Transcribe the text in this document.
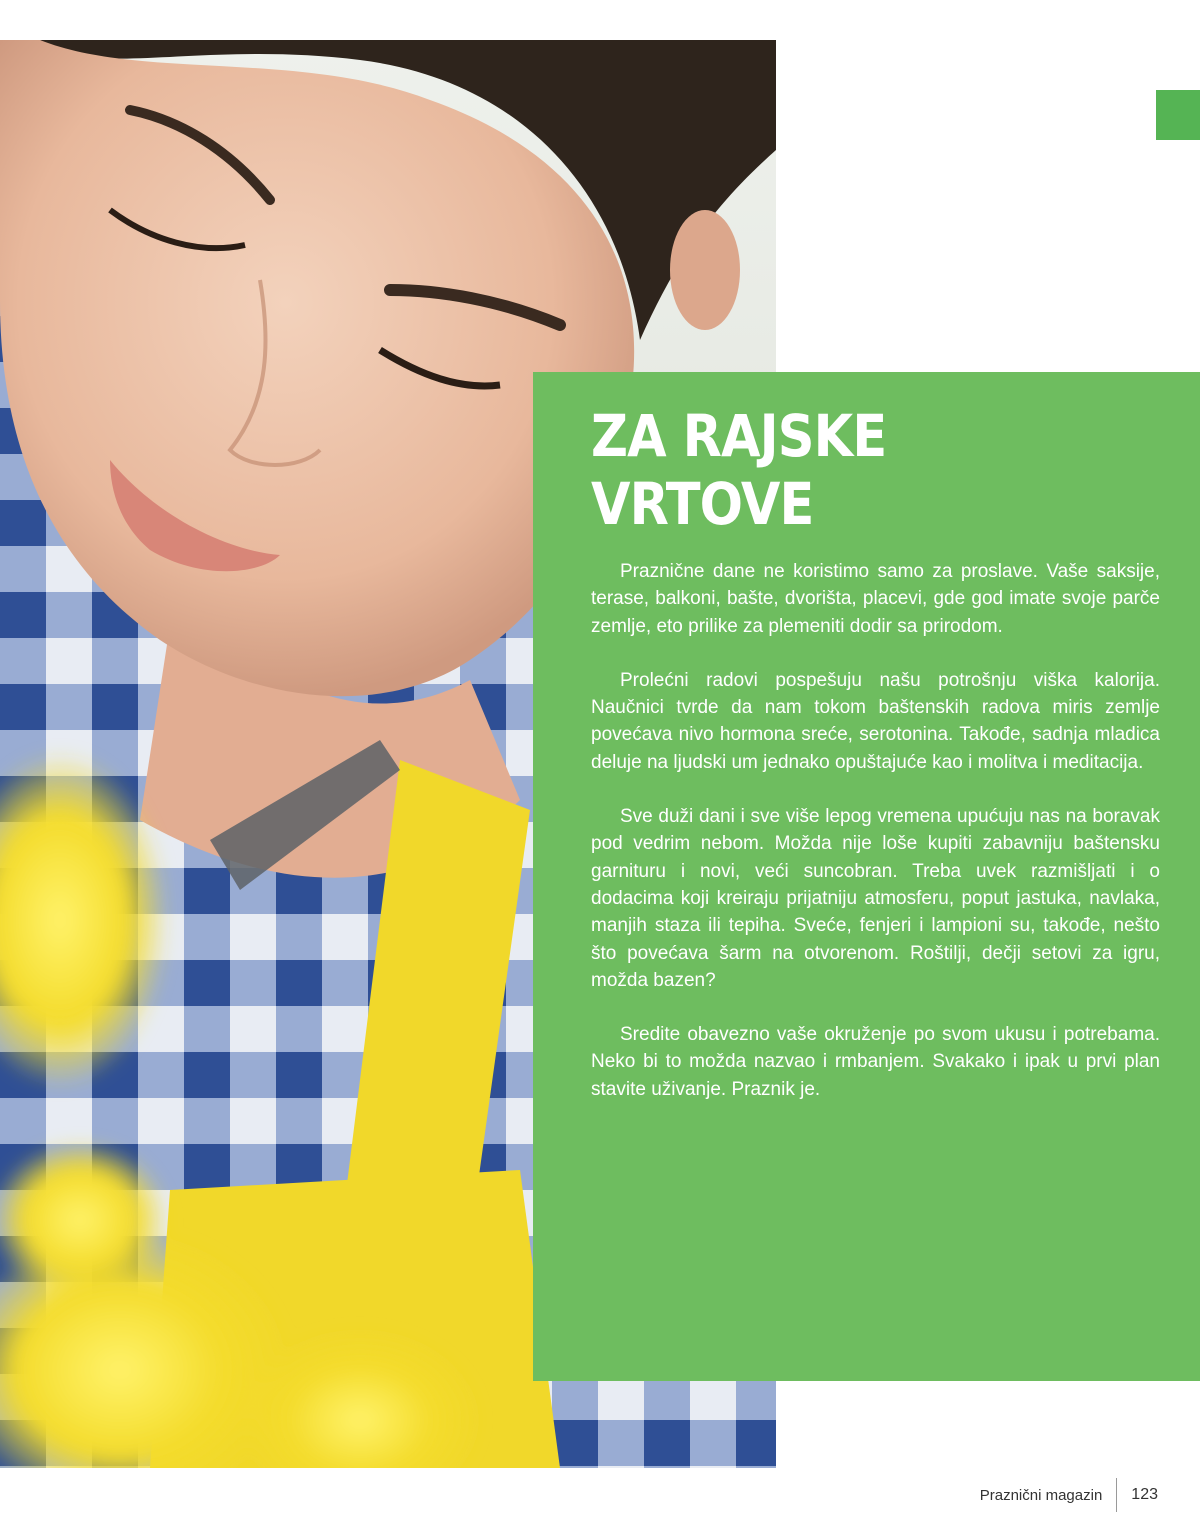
ZA RAJSKE
VRTOVE

Praznične dane ne koristimo samo za proslave. Vaše saksije, terase, balkoni, bašte, dvorišta, placevi, gde god imate svoje parče zemlje, eto prilike za plemeniti dodir sa prirodom.

Prolećni radovi pospešuju našu potrošnju viška kalorija. Naučnici tvrde da nam tokom baštenskih radova miris zemlje povećava nivo hormona sreće, serotonina. Takođe, sadnja mladica deluje na ljudski um jednako opuštajuće kao i molitva i meditacija.

Sve duži dani i sve više lepog vremena upućuju nas na boravak pod vedrim nebom. Možda nije loše kupiti zabavniju baštensku garnituru i novi, veći suncobran. Treba uvek razmišljati i o dodacima koji kreiraju prijatniju atmosferu, poput jastuka, navlaka, manjih staza ili tepiha. Sveće, fenjeri i lampioni su, takođe, nešto što povećava šarm na otvorenom. Roštilji, dečji setovi za igru, možda bazen?

Sredite obavezno vaše okruženje po svom ukusu i potrebama. Neko bi to možda nazvao i rmbanjem. Svakako i ipak u prvi plan stavite uživanje. Praznik je.

Praznični magazin 123
